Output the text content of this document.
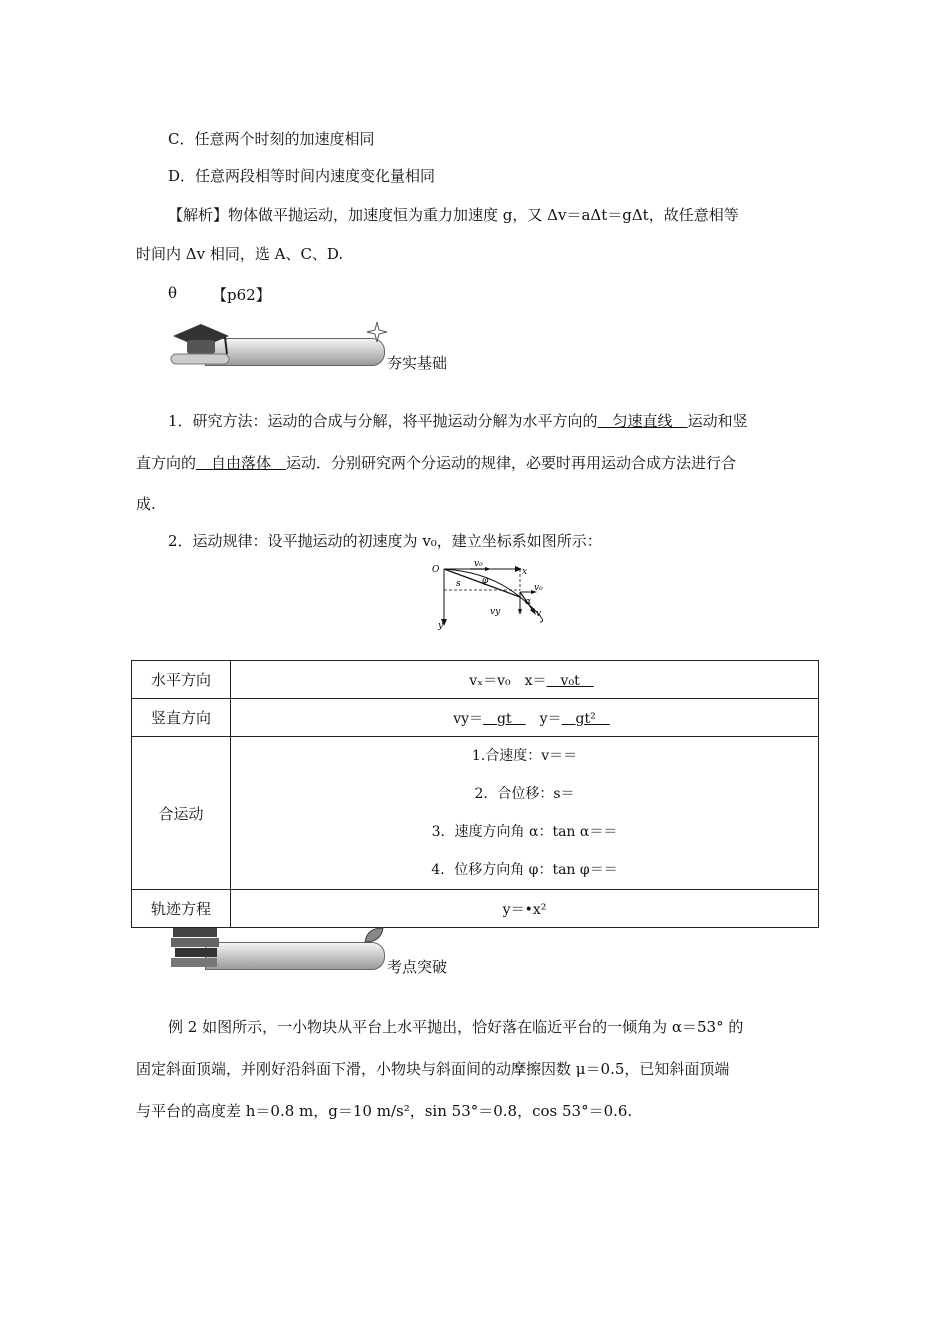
C．任意两个时刻的加速度相同
D．任意两段相等时间内速度变化量相同
【解析】物体做平抛运动，加速度恒为重力加速度 g，又 Δv＝aΔt＝gΔt，故任意相等
时间内 Δv 相同，选 A、C、D.
θ 【p62】
夯实基础
1．研究方法：运动的合成与分解，将平抛运动分解为水平方向的　匀速直线　运动和竖
直方向的　自由落体　运动．分别研究两个分运动的规律，必要时再用运动合成方法进行合
成.
2．运动规律：设平抛运动的初速度为 v₀，建立坐标系如图所示：
O	x
y
v₀
s φ
v₀
vy	v
α
水平方向	vₓ＝v₀　x＝　v₀t　
竖直方向	vy＝　gt　　y＝　gt²　
合运动	1.合速度：v＝＝
2．合位移：s＝
3．速度方向角 α：tan α＝＝
4．位移方向角 φ：tan φ＝＝

轨迹方程	y＝•x²
考点突破
例 2 如图所示，一小物块从平台上水平抛出，恰好落在临近平台的一倾角为 α＝53° 的
固定斜面顶端，并刚好沿斜面下滑，小物块与斜面间的动摩擦因数 μ＝0.5，已知斜面顶端
与平台的高度差 h＝0.8 m，g＝10 m/s²，sin 53°＝0.8，cos 53°＝0.6.
